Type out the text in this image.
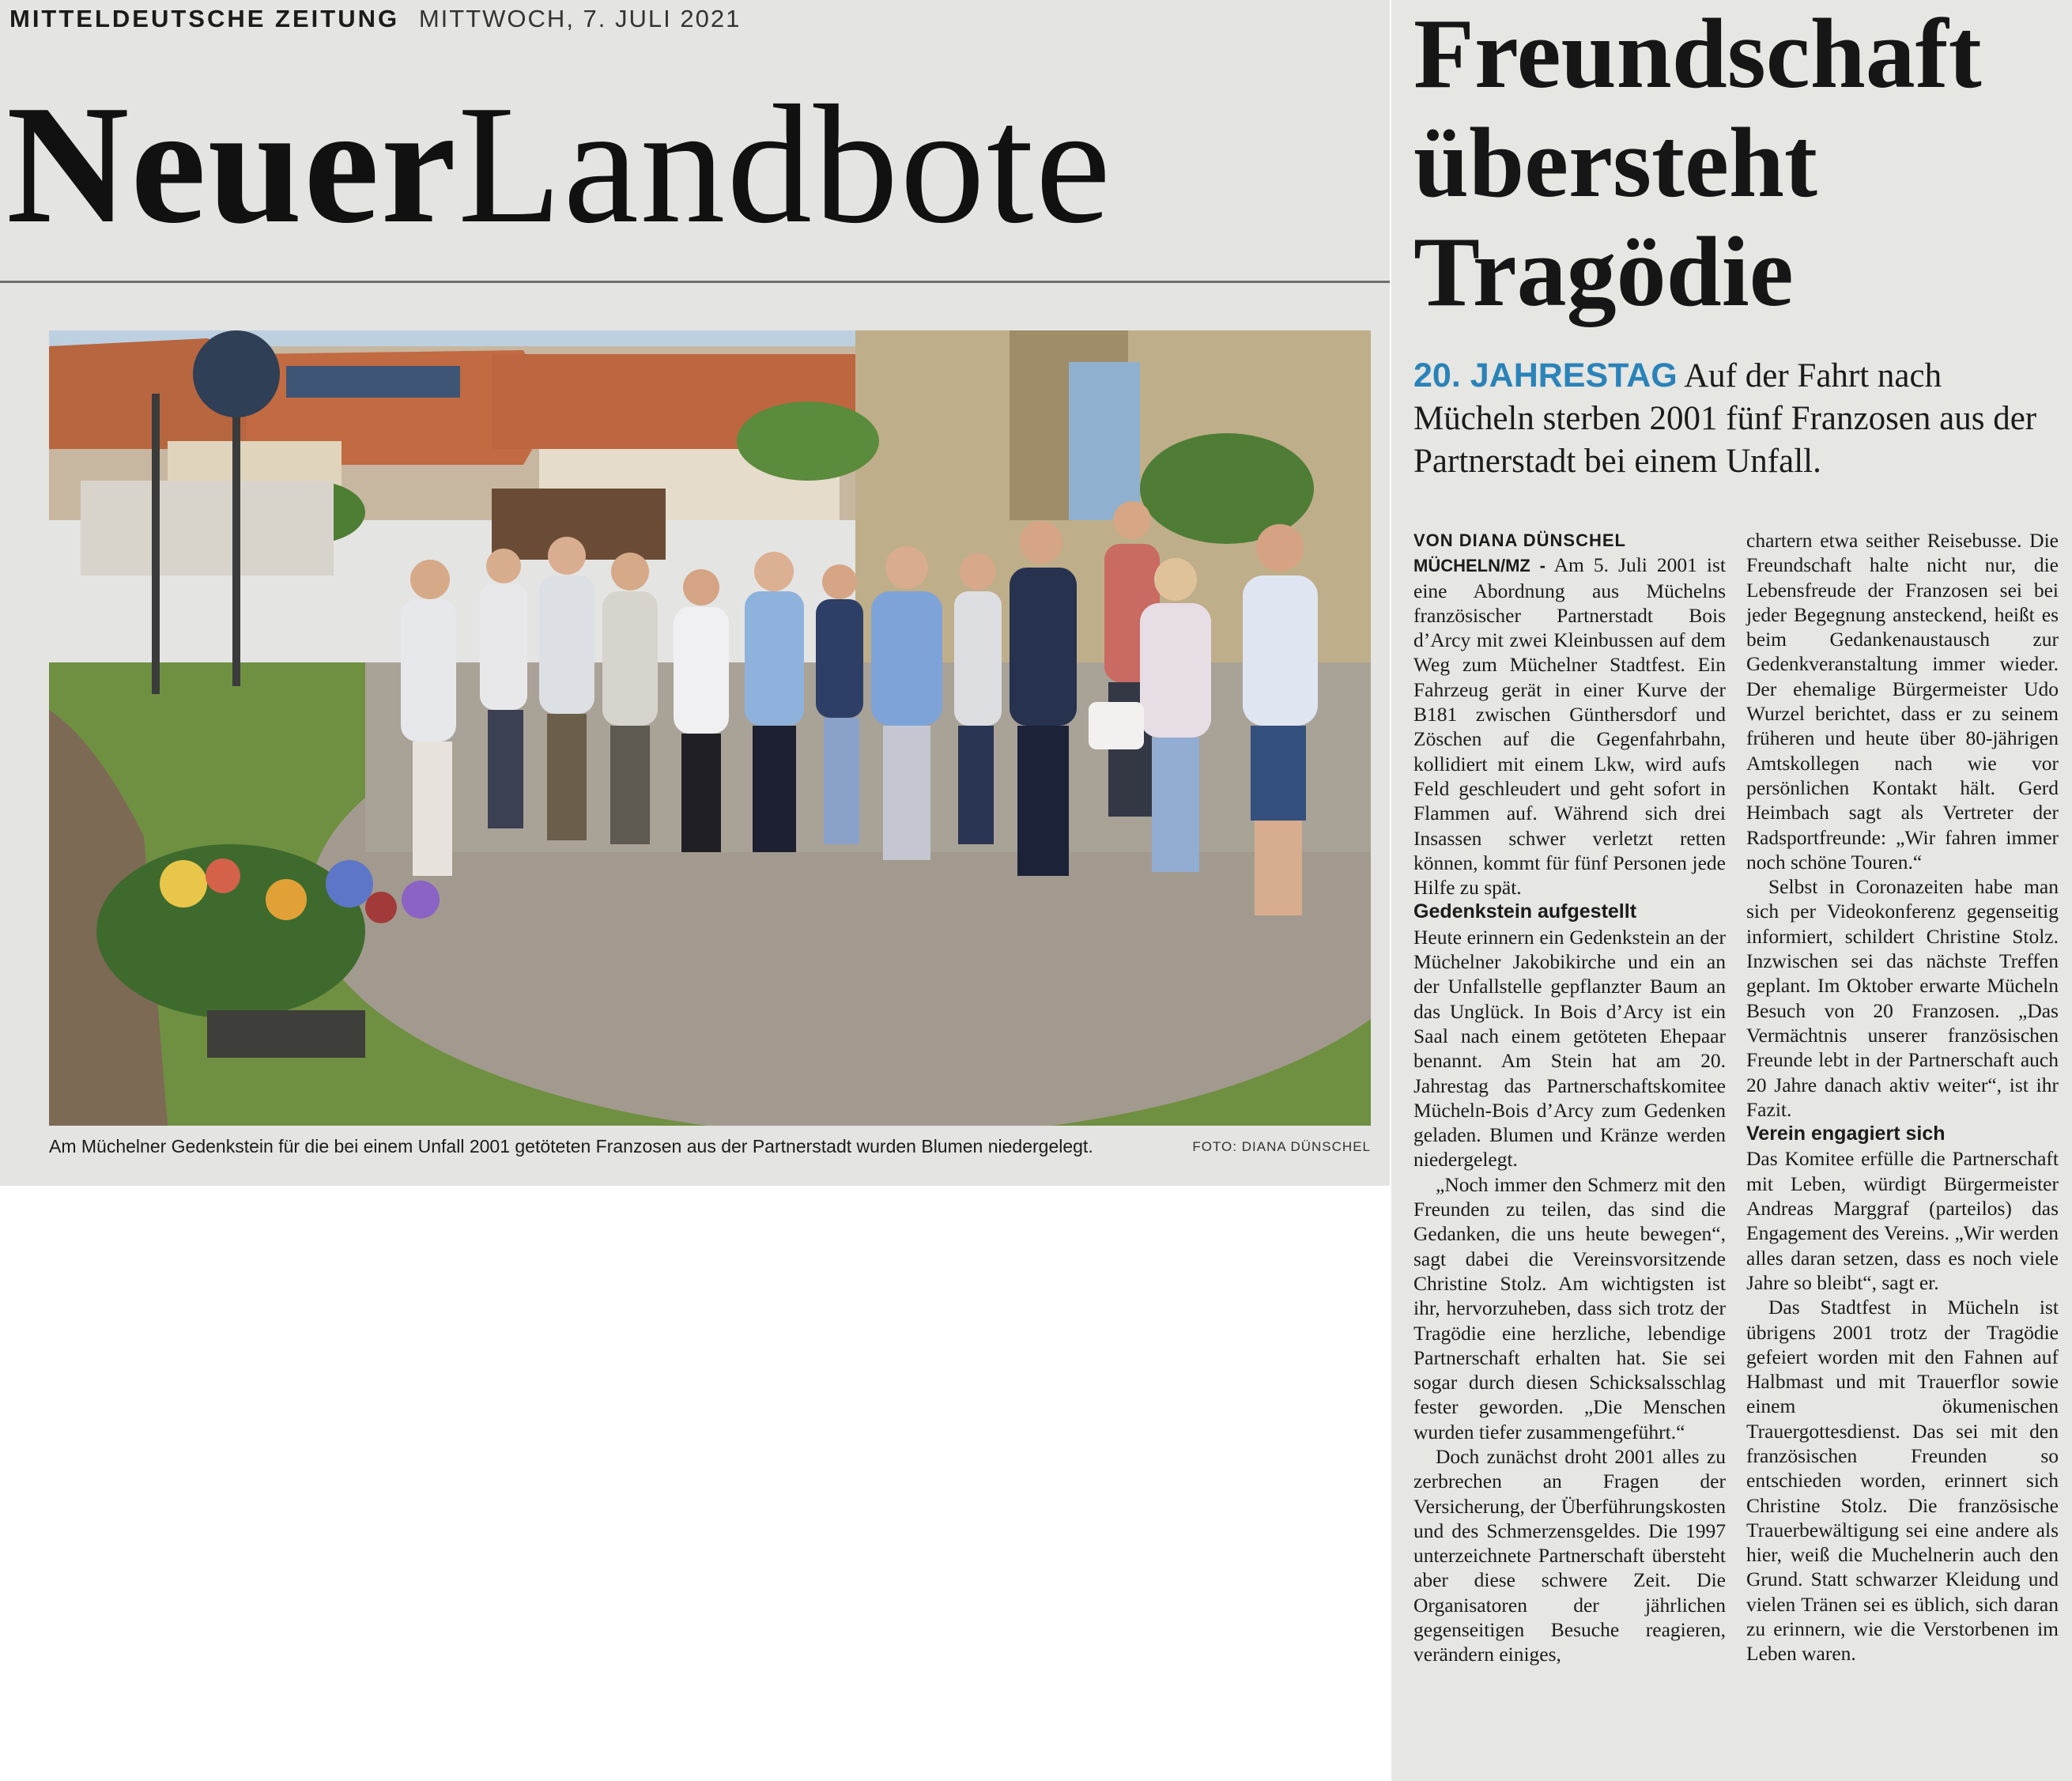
MITTELDEUTSCHE ZEITUNG MITTWOCH, 7. JULI 2021
NeuerLandbote
Am Müchelner Gedenkstein für die bei einem Unfall 2001 getöteten Franzosen aus der Partnerstadt wurden Blumen niedergelegt.	FOTO: DIANA DÜNSCHEL
Freundschaft
übersteht
Tragödie
20. JAHRESTAG Auf der Fahrt nach Mücheln sterben 2001 fünf Franzosen aus der Partnerstadt bei einem Unfall.

VON DIANA DÜNSCHEL

MÜCHELN/MZ - Am 5. Juli 2001 ist eine Abordnung aus Müchelns französischer Partnerstadt Bois d’Arcy mit zwei Kleinbussen auf dem Weg zum Müchelner Stadtfest. Ein Fahrzeug gerät in einer Kurve der B181 zwischen Günthersdorf und Zöschen auf die Gegenfahrbahn, kollidiert mit einem Lkw, wird aufs Feld geschleudert und geht sofort in Flammen auf. Während sich drei Insassen schwer verletzt retten können, kommt für fünf Personen jede Hilfe zu spät.

Gedenkstein aufgestellt

Heute erinnern ein Gedenkstein an der Müchelner Jakobikirche und ein an der Unfallstelle gepflanzter Baum an das Unglück. In Bois d’Arcy ist ein Saal nach einem getöteten Ehepaar benannt. Am Stein hat am 20. Jahrestag das Partnerschaftskomitee Mücheln-Bois d’Arcy zum Gedenken geladen. Blumen und Kränze werden niedergelegt.

„Noch immer den Schmerz mit den Freunden zu teilen, das sind die Gedanken, die uns heute bewegen“, sagt dabei die Vereinsvorsitzende Christine Stolz. Am wichtigsten ist ihr, hervorzuheben, dass sich trotz der Tragödie eine herzliche, lebendige Partnerschaft erhalten hat. Sie sei sogar durch diesen Schicksalsschlag fester geworden. „Die Menschen wurden tiefer zusammengeführt.“

Doch zunächst droht 2001 alles zu zerbrechen an Fragen der Versicherung, der Überführungskosten und des Schmerzensgeldes. Die 1997 unterzeichnete Partnerschaft übersteht aber diese schwere Zeit. Die Organisatoren der jährlichen gegenseitigen Besuche reagieren, verändern einiges,

chartern etwa seither Reisebusse. Die Freundschaft halte nicht nur, die Lebensfreude der Franzosen sei bei jeder Begegnung ansteckend, heißt es beim Gedankenaustausch zur Gedenkveranstaltung immer wieder. Der ehemalige Bürgermeister Udo Wurzel berichtet, dass er zu seinem früheren und heute über 80-jährigen Amtskollegen nach wie vor persönlichen Kontakt hält. Gerd Heimbach sagt als Vertreter der Radsportfreunde: „Wir fahren immer noch schöne Touren.“

Selbst in Coronazeiten habe man sich per Videokonferenz gegenseitig informiert, schildert Christine Stolz. Inzwischen sei das nächste Treffen geplant. Im Oktober erwarte Mücheln Besuch von 20 Franzosen. „Das Vermächtnis unserer französischen Freunde lebt in der Partnerschaft auch 20 Jahre danach aktiv weiter“, ist ihr Fazit.

Verein engagiert sich

Das Komitee erfülle die Partnerschaft mit Leben, würdigt Bürgermeister Andreas Marggraf (parteilos) das Engagement des Vereins. „Wir werden alles daran setzen, dass es noch viele Jahre so bleibt“, sagt er.

Das Stadtfest in Mücheln ist übrigens 2001 trotz der Tragödie gefeiert worden mit den Fahnen auf Halbmast und mit Trauerflor sowie einem ökumenischen Trauergottesdienst. Das sei mit den französischen Freunden so entschieden worden, erinnert sich Christine Stolz. Die französische Trauerbewältigung sei eine andere als hier, weiß die Muchelnerin auch den Grund. Statt schwarzer Kleidung und vielen Tränen sei es üblich, sich daran zu erinnern, wie die Verstorbenen im Leben waren.
